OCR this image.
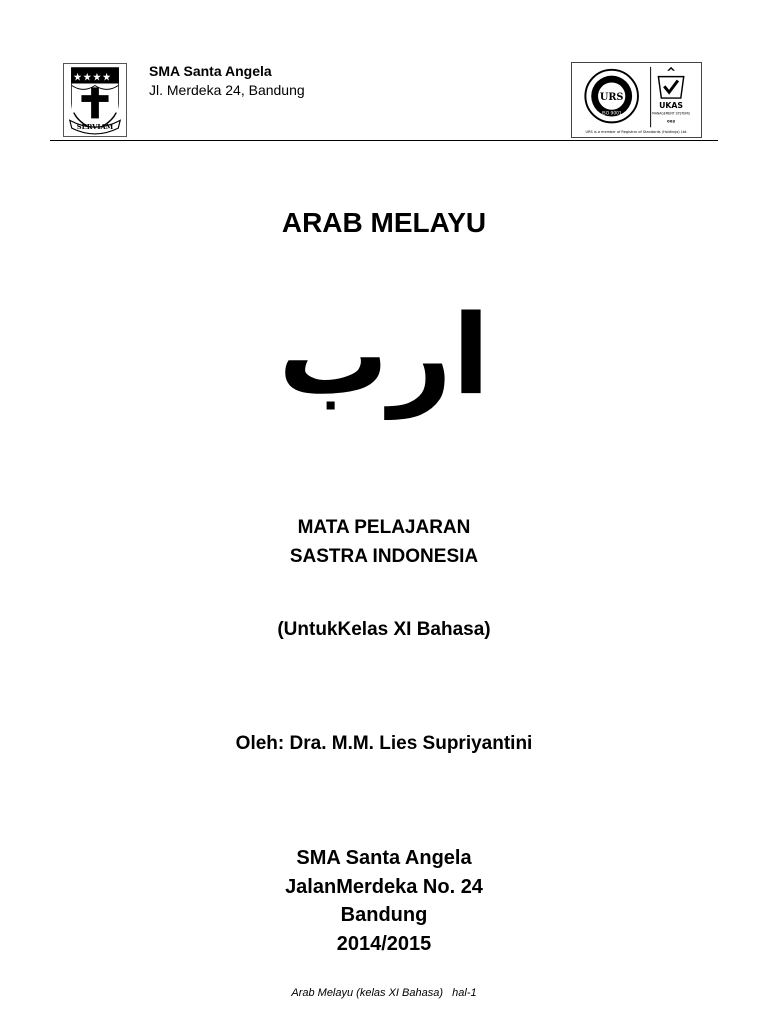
SERVIAM
SMA Santa Angela
Jl. Merdeka 24, Bandung	URS
ISO 9001
UKAS
MANAGEMENT SYSTEMS
003
URS is a member of Registrar of Standards (Holdings) Ltd.
ARAB MELAYU
ارب
MATA PELAJARAN
SASTRA INDONESIA
(UntukKelas XI Bahasa)
Oleh: Dra. M.M. Lies Supriyantini
SMA Santa Angela
JalanMerdeka No. 24
Bandung
2014/2015
Arab Melayu (kelas XI Bahasa)   hal-1
